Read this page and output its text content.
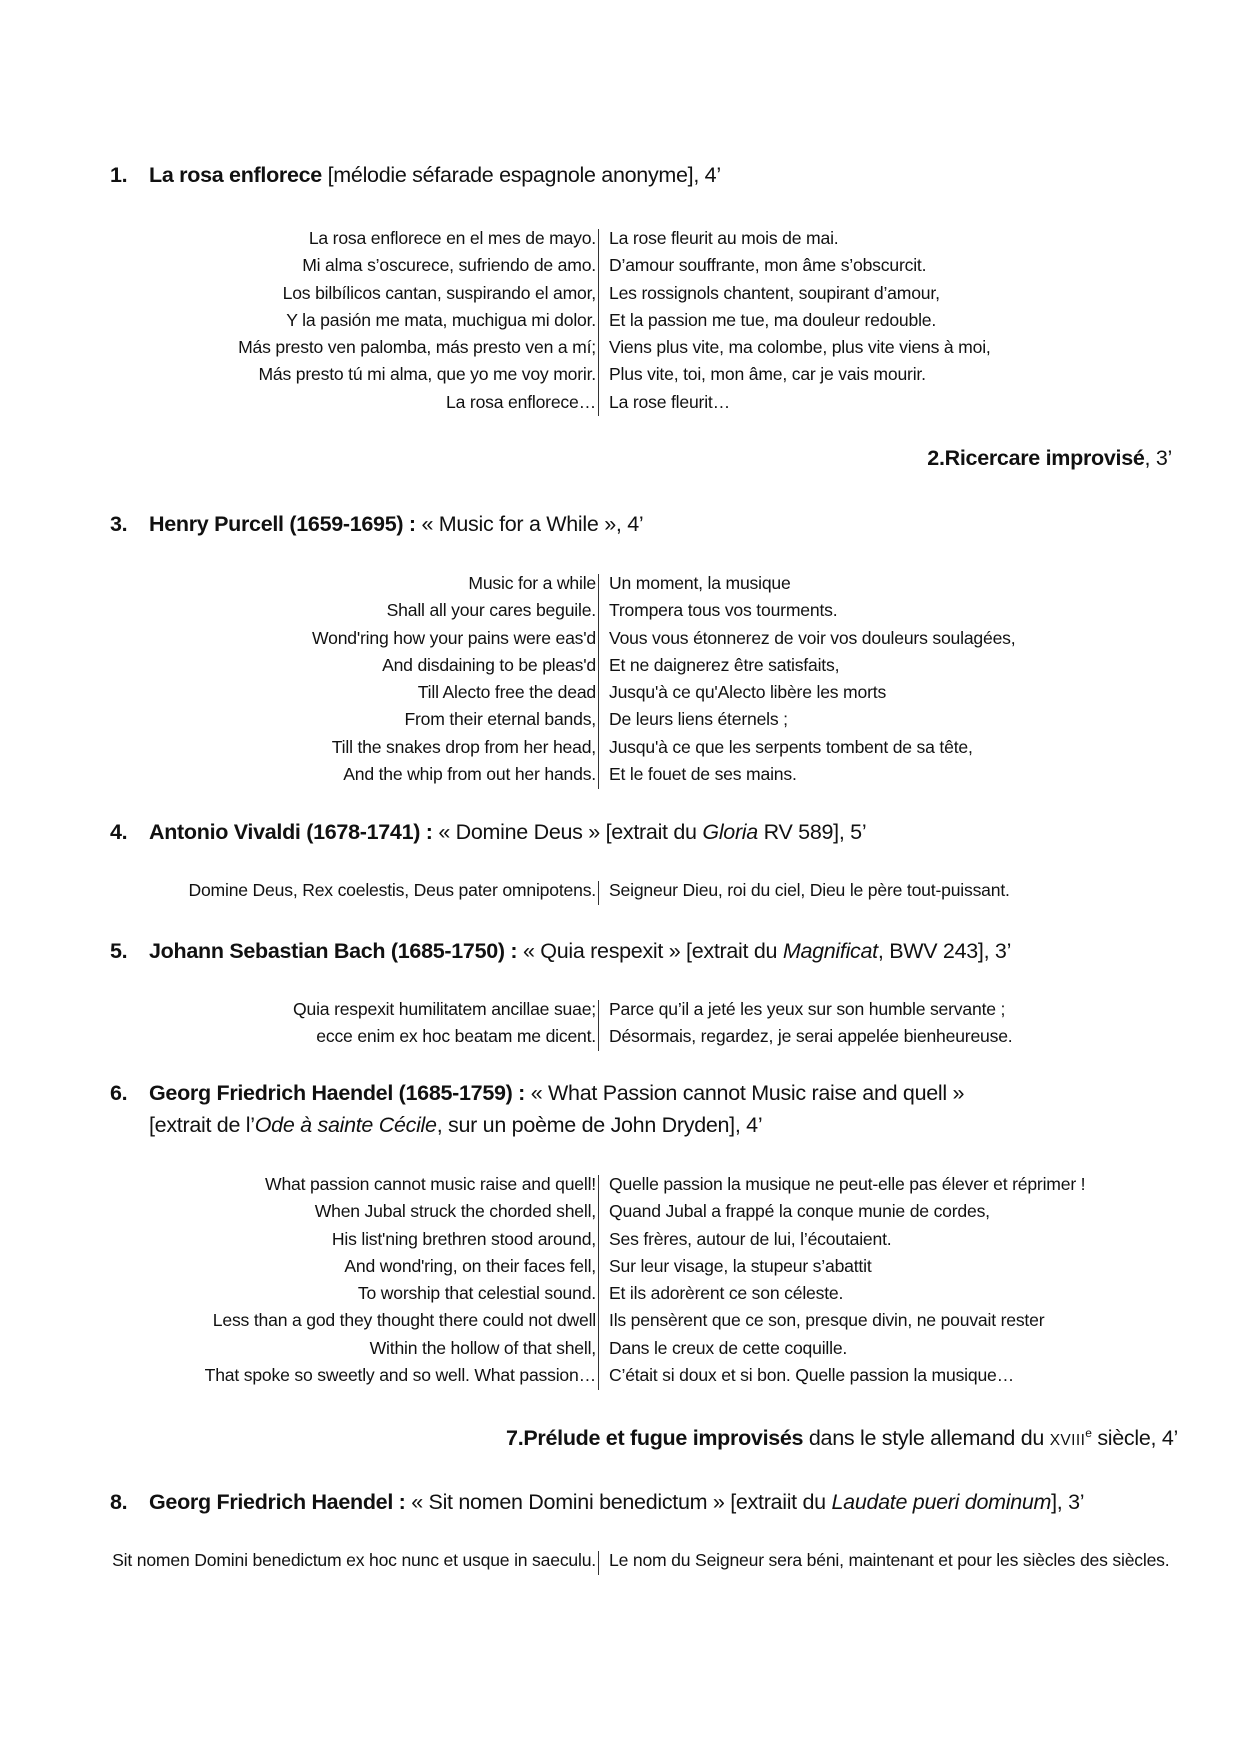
1. La rosa enflorece [mélodie séfarade espagnole anonyme], 4’
La rosa enflorece en el mes de mayo. La rose fleurit au mois de mai.
Mi alma s’oscurece, sufriendo de amo. D’amour souffrante, mon âme s’obscurcit.
Los bilbílicos cantan, suspirando el amor, Les rossignols chantent, soupirant d’amour,
Y la pasión me mata, muchigua mi dolor. Et la passion me tue, ma douleur redouble.
Más presto ven palomba, más presto ven a mí; Viens plus vite, ma colombe, plus vite viens à moi,
Más presto tú mi alma, que yo me voy morir. Plus vite, toi, mon âme, car je vais mourir.
La rosa enflorece… La rose fleurit…
2.Ricercare improvisé, 3’
3. Henry Purcell (1659-1695) : « Music for a While », 4’
Music for a while Un moment, la musique
Shall all your cares beguile. Trompera tous vos tourments.
Wond'ring how your pains were eas'd Vous vous étonnerez de voir vos douleurs soulagées,
And disdaining to be pleas'd Et ne daignerez être satisfaits,
Till Alecto free the dead Jusqu'à ce qu'Alecto libère les morts
From their eternal bands, De leurs liens éternels ;
Till the snakes drop from her head, Jusqu'à ce que les serpents tombent de sa tête,
And the whip from out her hands. Et le fouet de ses mains.
4. Antonio Vivaldi (1678-1741) : « Domine Deus » [extrait du Gloria RV 589], 5’
Domine Deus, Rex coelestis, Deus pater omnipotens. Seigneur Dieu, roi du ciel, Dieu le père tout-puissant.
5. Johann Sebastian Bach (1685-1750) : « Quia respexit » [extrait du Magnificat, BWV 243], 3’
Quia respexit humilitatem ancillae suae; Parce qu’il a jeté les yeux sur son humble servante ;
ecce enim ex hoc beatam me dicent. Désormais, regardez, je serai appelée bienheureuse.
6. Georg Friedrich Haendel (1685-1759) : « What Passion cannot Music raise and quell »
[extrait de l’Ode à sainte Cécile, sur un poème de John Dryden], 4’
What passion cannot music raise and quell! Quelle passion la musique ne peut-elle pas élever et réprimer !
When Jubal struck the chorded shell, Quand Jubal a frappé la conque munie de cordes,
His list'ning brethren stood around, Ses frères, autour de lui, l’écoutaient.
And wond'ring, on their faces fell, Sur leur visage, la stupeur s’abattit
To worship that celestial sound. Et ils adorèrent ce son céleste.
Less than a god they thought there could not dwell Ils pensèrent que ce son, presque divin, ne pouvait rester
Within the hollow of that shell, Dans le creux de cette coquille.
That spoke so sweetly and so well. What passion… C’était si doux et si bon. Quelle passion la musique…
7.Prélude et fugue improvisés dans le style allemand du XVIIIe siècle, 4’
8. Georg Friedrich Haendel : « Sit nomen Domini benedictum » [extraiit du Laudate pueri dominum], 3’
Sit nomen Domini benedictum ex hoc nunc et usque in saeculu. Le nom du Seigneur sera béni, maintenant et pour les siècles des siècles.
